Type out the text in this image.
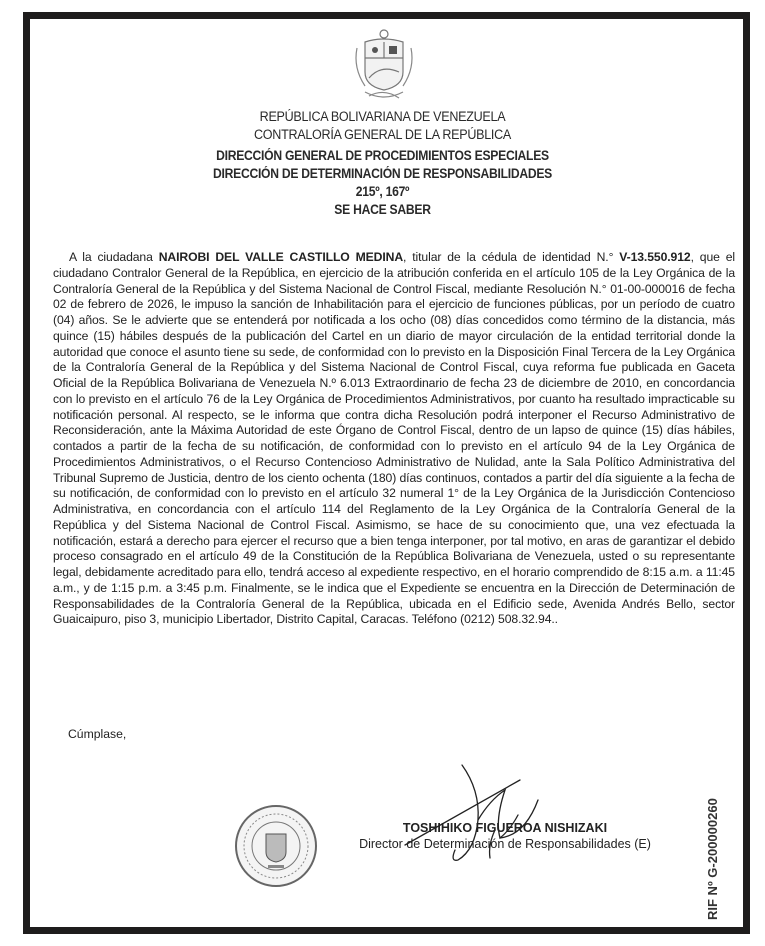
REPÚBLICA BOLIVARIANA DE VENEZUELA
CONTRALORÍA GENERAL DE LA REPÚBLICA
DIRECCIÓN GENERAL DE PROCEDIMIENTOS ESPECIALES
DIRECCIÓN DE DETERMINACIÓN DE RESPONSABILIDADES
215º, 167º
SE HACE SABER
A la ciudadana NAIROBI DEL VALLE CASTILLO MEDINA, titular de la cédula de identidad N.° V-13.550.912, que el ciudadano Contralor General de la República, en ejercicio de la atribución conferida en el artículo 105 de la Ley Orgánica de la Contraloría General de la República y del Sistema Nacional de Control Fiscal, mediante Resolución N.° 01-00-000016 de fecha 02 de febrero de 2026, le impuso la sanción de Inhabilitación para el ejercicio de funciones públicas, por un período de cuatro (04) años. Se le advierte que se entenderá por notificada a los ocho (08) días concedidos como término de la distancia, más quince (15) hábiles después de la publicación del Cartel en un diario de mayor circulación de la entidad territorial donde la autoridad que conoce el asunto tiene su sede, de conformidad con lo previsto en la Disposición Final Tercera de la Ley Orgánica de la Contraloría General de la República y del Sistema Nacional de Control Fiscal, cuya reforma fue publicada en Gaceta Oficial de la República Bolivariana de Venezuela N.º 6.013 Extraordinario de fecha 23 de diciembre de 2010, en concordancia con lo previsto en el artículo 76 de la Ley Orgánica de Procedimientos Administrativos, por cuanto ha resultado impracticable su notificación personal. Al respecto, se le informa que contra dicha Resolución podrá interponer el Recurso Administrativo de Reconsideración, ante la Máxima Autoridad de este Órgano de Control Fiscal, dentro de un lapso de quince (15) días hábiles, contados a partir de la fecha de su notificación, de conformidad con lo previsto en el artículo 94 de la Ley Orgánica de Procedimientos Administrativos, o el Recurso Contencioso Administrativo de Nulidad, ante la Sala Político Administrativa del Tribunal Supremo de Justicia, dentro de los ciento ochenta (180) días continuos, contados a partir del día siguiente a la fecha de su notificación, de conformidad con lo previsto en el artículo 32 numeral 1° de la Ley Orgánica de la Jurisdicción Contencioso Administrativa, en concordancia con el artículo 114 del Reglamento de la Ley Orgánica de la Contraloría General de la República y del Sistema Nacional de Control Fiscal. Asimismo, se hace de su conocimiento que, una vez efectuada la notificación, estará a derecho para ejercer el recurso que a bien tenga interponer, por tal motivo, en aras de garantizar el debido proceso consagrado en el artículo 49 de la Constitución de la República Bolivariana de Venezuela, usted o su representante legal, debidamente acreditado para ello, tendrá acceso al expediente respectivo, en el horario comprendido de 8:15 a.m. a 11:45 a.m., y de 1:15 p.m. a 3:45 p.m. Finalmente, se le indica que el Expediente se encuentra en la Dirección de Determinación de Responsabilidades de la Contraloría General de la República, ubicada en el Edificio sede, Avenida Andrés Bello, sector Guaicaipuro, piso 3, municipio Libertador, Distrito Capital, Caracas. Teléfono (0212) 508.32.94..
Cúmplase,
TOSHIHIKO FIGUEROA NISHIZAKI
Director de Determinación de Responsabilidades (E)	RIF Nº G-200000260
